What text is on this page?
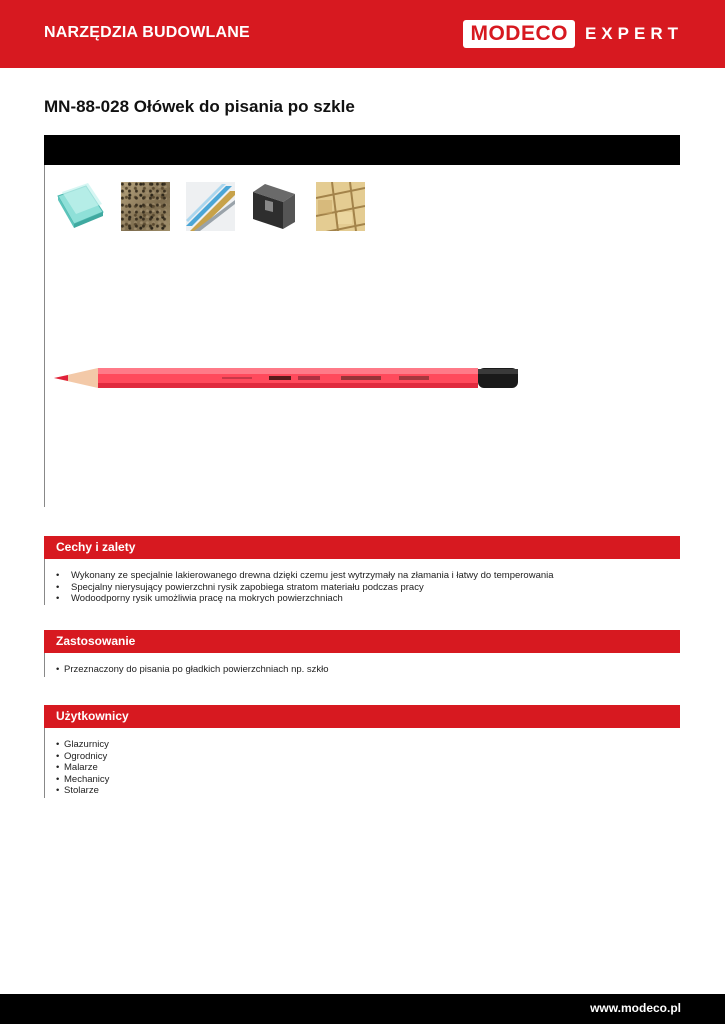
NARZĘDZIA BUDOWLANE	MODECO	EXPERT
MN-88-028 Ołówek do pisania po szkle
Cechy i zalety
• Wykonany ze specjalnie lakierowanego drewna dzięki czemu jest wytrzymały na złamania i łatwy do temperowania
• Specjalny nierysujący powierzchni rysik zapobiega stratom materiału podczas pracy
• Wodoodporny rysik umożliwia pracę na mokrych powierzchniach
Zastosowanie
• Przeznaczony do pisania po gładkich powierzchniach np. szkło
Użytkownicy
• Glazurnicy
• Ogrodnicy
• Malarze
• Mechanicy
• Stolarze
www.modeco.pl
